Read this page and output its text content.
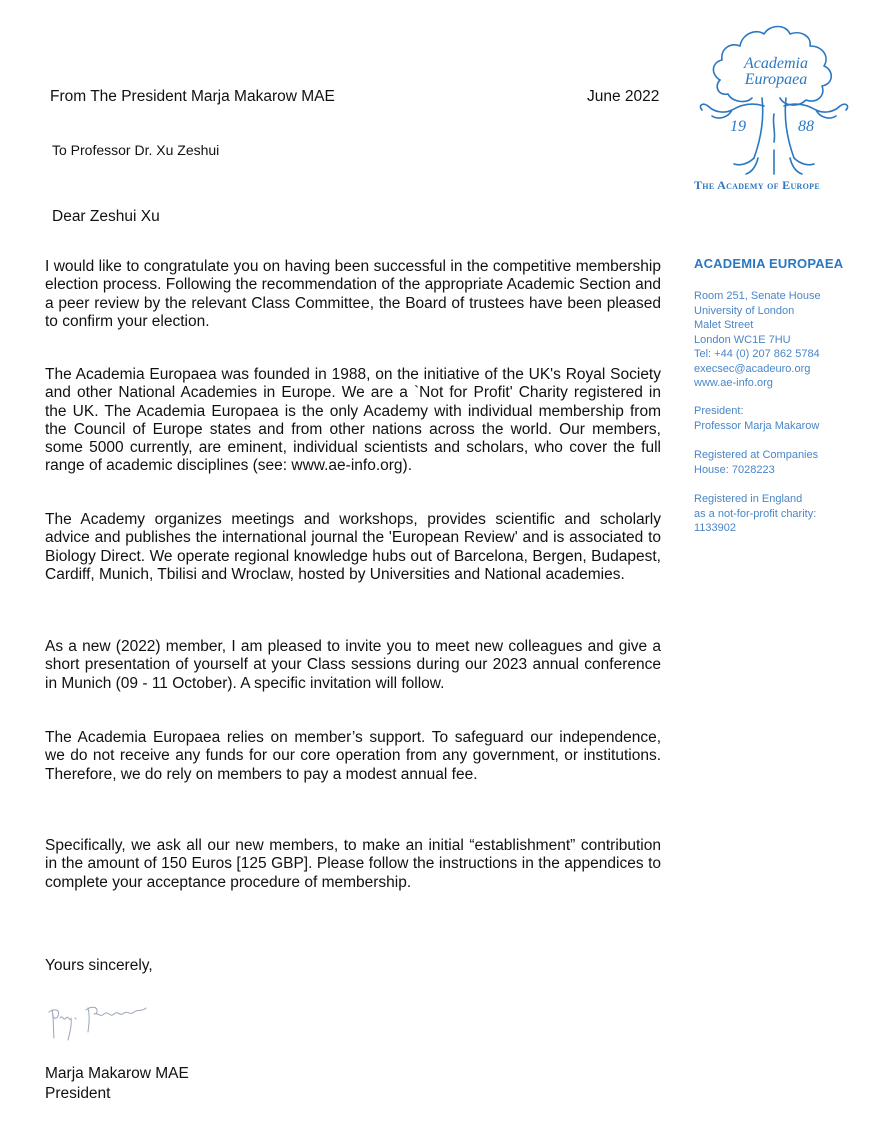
From The President Marja Makarow MAE	June 2022
To Professor Dr. Xu Zeshui
Dear Zeshui Xu

I would like to congratulate you on having been successful in the competitive membership election process. Following the recommendation of the appropriate Academic Section and a peer review by the relevant Class Committee, the Board of trustees have been pleased to confirm your election.

The Academia Europaea was founded in 1988, on the initiative of the UK's Royal Society and other National Academies in Europe. We are a `Not for Profit' Charity registered in the UK. The Academia Europaea is the only Academy with individual membership from the Council of Europe states and from other nations across the world. Our members, some 5000 currently, are eminent, individual scientists and scholars, who cover the full range of academic disciplines (see: www.ae-info.org).

The Academy organizes meetings and workshops, provides scientific and scholarly advice and publishes the international journal the 'European Review' and is associated to Biology Direct. We operate regional knowledge hubs out of Barcelona, Bergen, Budapest, Cardiff, Munich, Tbilisi and Wroclaw, hosted by Universities and National academies.

As a new (2022) member, I am pleased to invite you to meet new colleagues and give a short presentation of yourself at your Class sessions during our 2023 annual conference in Munich (09 - 11 October). A specific invitation will follow.

The Academia Europaea relies on member’s support. To safeguard our independence, we do not receive any funds for our core operation from any government, or institutions. Therefore, we do rely on members to pay a modest annual fee.

Specifically, we ask all our new members, to make an initial “establishment” contribution in the amount of 150 Euros [125 GBP]. Please follow the instructions in the appendices to complete your acceptance procedure of membership.

Yours sincerely,
Marja Makarow MAE
President
Academia
Europaea
19	88
The Academy of Europe
ACADEMIA EUROPAEA
Room 251, Senate House
University of London
Malet Street
London WC1E 7HU
Tel: +44 (0) 207 862 5784
execsec@acadeuro.org
www.ae-info.org
President:
Professor Marja Makarow
Registered at Companies
House: 7028223
Registered in England
as a not-for-profit charity:
1133902
